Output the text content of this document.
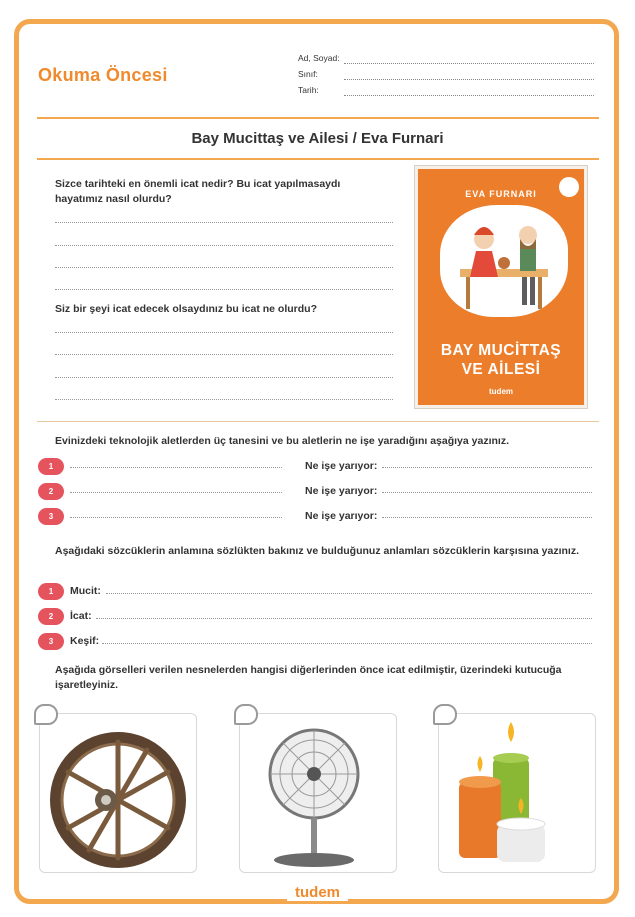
Okuma Öncesi
Ad, Soyad:
Sınıf:
Tarih:
Bay Mucittaş ve Ailesi / Eva Furnari
Sizce tarihteki en önemli icat nedir? Bu icat yapılmasaydı hayatımız nasıl olurdu?
Siz bir şeyi icat edecek olsaydınız bu icat ne olurdu?
EVA FURNARI
BAY MUCİTTAŞ
VE AİLESİ
tudem
Evinizdeki teknolojik aletlerden üç tanesini ve bu aletlerin ne işe yaradığını aşağıya yazınız.
1	Ne işe yarıyor:
2	Ne işe yarıyor:
3	Ne işe yarıyor:
Aşağıdaki sözcüklerin anlamına sözlükten bakınız ve bulduğunuz anlamları sözcüklerin karşısına yazınız.
1	Mucit:
2	İcat:
3	Keşif:
Aşağıda görselleri verilen nesnelerden hangisi diğerlerinden önce icat edilmiştir, üzerindeki kutucuğa işaretleyiniz.
tudem
